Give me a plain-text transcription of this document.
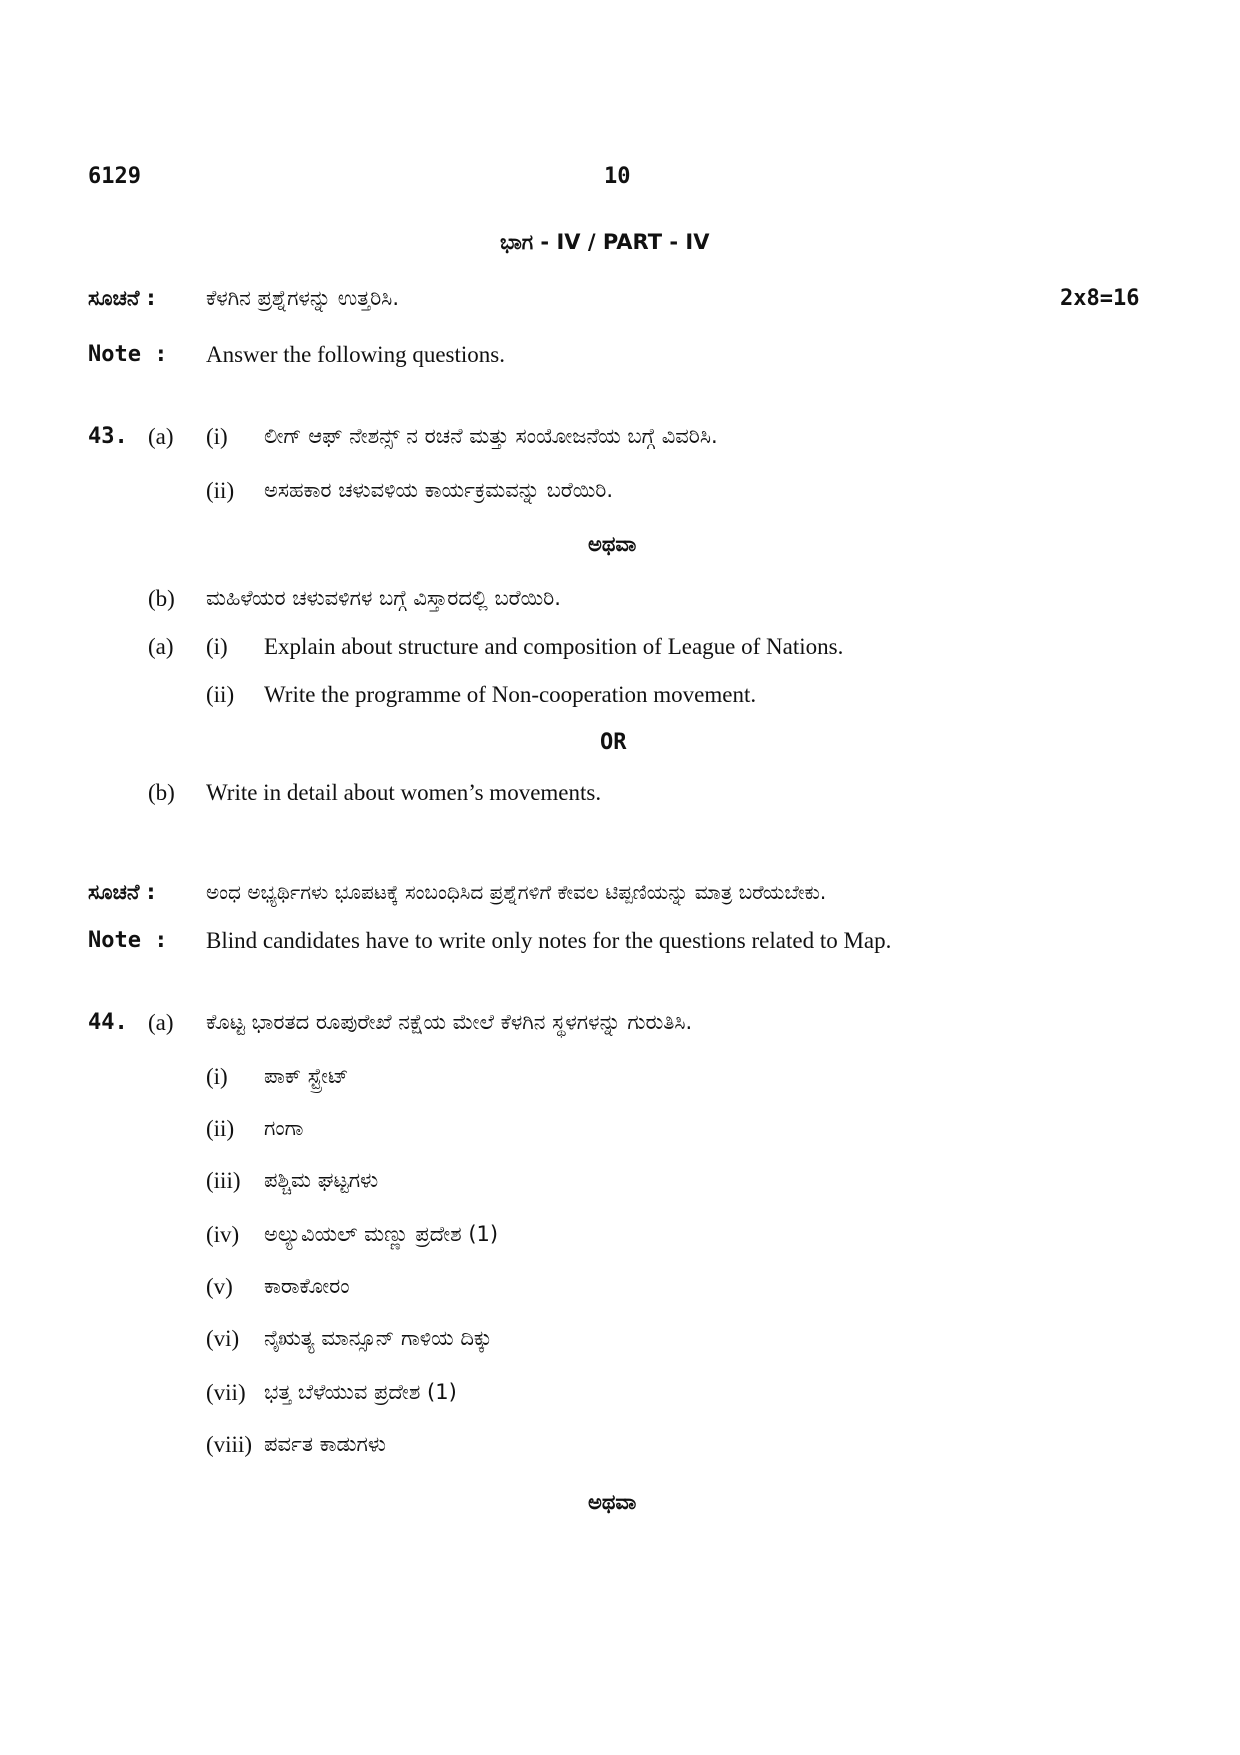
6129	10
ಭಾಗ - IV / PART - IV
ಸೂಚನೆ : ಕೆಳಗಿನ ಪ್ರಶ್ನೆಗಳನ್ನು ಉತ್ತರಿಸಿ.	2x8=16
Note : Answer the following questions.
43. (a) (i) ಲೀಗ್ ಆಫ್ ನೇಶನ್ಸ್ ನ ರಚನೆ ಮತ್ತು ಸಂಯೋಜನೆಯ ಬಗ್ಗೆ ವಿವರಿಸಿ.
(ii) ಅಸಹಕಾರ ಚಳುವಳಿಯ ಕಾರ್ಯಕ್ರಮವನ್ನು ಬರೆಯಿರಿ.
ಅಥವಾ
(b) ಮಹಿಳೆಯರ ಚಳುವಳಿಗಳ ಬಗ್ಗೆ ವಿಸ್ತಾರದಲ್ಲಿ ಬರೆಯಿರಿ.
(a) (i) Explain about structure and composition of League of Nations.
(ii) Write the programme of Non-cooperation movement.
OR
(b) Write in detail about women’s movements.
ಸೂಚನೆ :	ಅಂಧ ಅಭ್ಯರ್ಥಿಗಳು ಭೂಪಟಕ್ಕೆ ಸಂಬಂಧಿಸಿದ ಪ್ರಶ್ನೆಗಳಿಗೆ ಕೇವಲ ಟಿಪ್ಪಣಿಯನ್ನು ಮಾತ್ರ ಬರೆಯಬೇಕು.
Note : Blind candidates have to write only notes for the questions related to Map.
44. (a) ಕೊಟ್ಟ ಭಾರತದ ರೂಪುರೇಖೆ ನಕ್ಷೆಯ ಮೇಲೆ ಕೆಳಗಿನ ಸ್ಥಳಗಳನ್ನು ಗುರುತಿಸಿ.
(i) ಪಾಕ್ ಸ್ಟ್ರೇಟ್
(ii) ಗಂಗಾ
(iii) ಪಶ್ಚಿಮ ಘಟ್ಟಗಳು
(iv) ಅಲ್ಯುವಿಯಲ್ ಮಣ್ಣು ಪ್ರದೇಶ (1)
(v) ಕಾರಾಕೋರಂ
(vi) ನೈಋತ್ಯ ಮಾನ್ಸೂನ್ ಗಾಳಿಯ ದಿಕ್ಕು
(vii) ಭತ್ತ ಬೆಳೆಯುವ ಪ್ರದೇಶ (1)
(viii) ಪರ್ವತ ಕಾಡುಗಳು
ಅಥವಾ
